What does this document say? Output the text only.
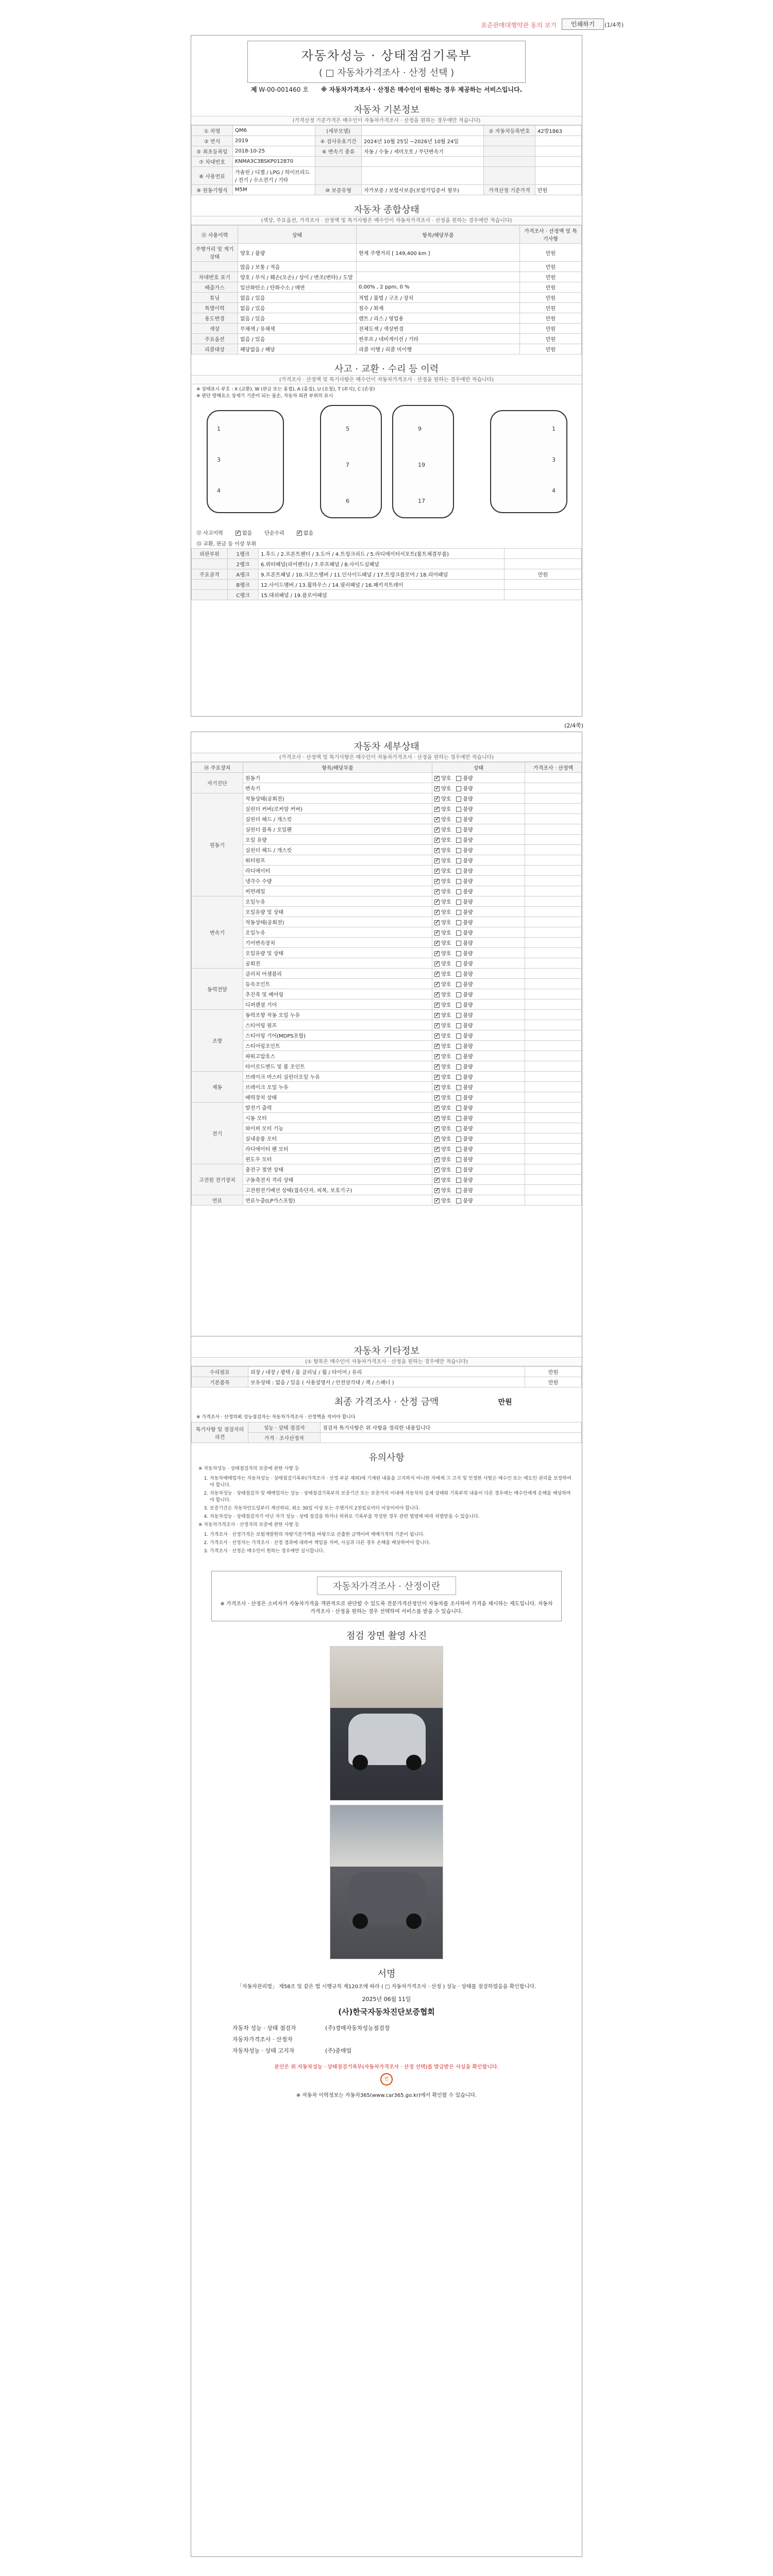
표준판매대행약관 동의 보기	인쇄하기	(1/4쪽)
자동차성능 · 상태점검기록부
( □ 자동차가격조사 · 산정 선택 )
제 W-00-001460 호 ※ 자동차가격조사 · 산정은 매수인이 원하는 경우 제공하는 서비스입니다.
자동차 기본정보
(가격산정 기준가격은 매수인이 자동차가격조사 · 산정을 원하는 경우에만 적습니다)
① 차명	QM6	(세부모델)		② 자동차등록번호	42방1863
③ 연식	2019	④ 검사유효기간	2024년 10월 25일 ~2026년 10월 24일		
⑤ 최초등록일	2018-10-25	⑥ 변속기 종류	자동 / 수동 / 세미오토 / 무단변속기		
⑦ 차대번호	KNMA3C3BSKP012870				
⑧ 사용연료	가솔린 / 디젤 / LPG / 하이브리드 / 전기 / 수소전기 / 기타				
⑨ 원동기형식	M5M	⑩ 보증유형	자가보증 / 보험사보증(보험가입증서 첨부)	가격산정 기준가격	만원
자동차 종합상태
(색상, 주요옵션, 가격조사 · 산정액 및 특기사항은 매수인이 자동차가격조사 · 산정을 원하는 경우에만 적습니다)
⑪ 사용이력	상태	항목/해당부품	가격조사 · 산정액 및 특기사항
주행거리 및 계기상태	양호 / 불량	현재 주행거리 [ 149,400 km ]	만원
	많음 / 보통 / 적음		만원
차대번호 표기	양호 / 부식 / 훼손(오손) / 상이 / 변조(변타) / 도말		만원
배출가스	일산화탄소 / 탄화수소 / 매연	0.00% , 2 ppm, 0 %	만원
튜닝	없음 / 있음	적법 / 불법 / 구조 / 장치	만원
특별이력	없음 / 있음	침수 / 화재	만원
용도변경	없음 / 있음	렌트 / 리스 / 영업용	만원
색상	무채색 / 유채색	전체도색 / 색상변경	만원
주요옵션	없음 / 있음	썬루프 / 네비게이션 / 기타	만원
리콜대상	해당없음 / 해당	리콜 이행 / 리콜 미이행	만원
사고 · 교환 · 수리 등 이력
(가격조사 · 산정액 및 특기사항은 매수인이 자동차가격조사 · 산정을 원하는 경우에만 적습니다)
※ 상태표시 부호 : X (교환), W (판금 또는 용접), A (흠집), U (요철), T (부식), C (손상)
※ 판단 방해요소 상세기 기준이 되는 물손, 자동차 외관 부위의 표시
1
3
4
5
7
6
9
19
17
1
3
4
⑫ 사고이력 ✓	없음 단순수리 ✓	없음
⑬ 교환, 판금 등 이상 부위
외판부위	1랭크	1.후드 / 2.프론트펜더 / 3.도어 / 4.트렁크리드 / 5.라디에이터서포트(볼트체결부품)	
	2랭크	6.쿼터패널(리어펜더) / 7.루프패널 / 8.사이드실패널	
주요골격	A랭크	9.프론트패널 / 10.크로스멤버 / 11.인사이드패널 / 17.트렁크플로어 / 18.리어패널	만원
	B랭크	12.사이드멤버 / 13.휠하우스 / 14.필러패널 / 16.패키지트레이	
	C랭크	15.대쉬패널 / 19.플로어패널	
(2/4쪽)
자동차 세부상태
(가격조사 · 산정액 및 특기사항은 매수인이 자동차가격조사 · 산정을 원하는 경우에만 적습니다)
⑭ 주요장치	항목/해당부품	상태	가격조사 · 산정액
자기진단	원동기	✓양호 불량	
	변속기	✓양호 불량	
원동기	작동상태(공회전)	✓양호 불량	
	실린더 커버(로커암 커버)	✓양호 불량	
	실린더 헤드 / 개스킷	✓양호 불량	
	실린더 블록 / 오일팬	✓양호 불량	
	오일 유량	✓양호 불량	
	실린더 헤드 / 개스킷	✓양호 불량	
	워터펌프	✓양호 불량	
	라디에이터	✓양호 불량	
	냉각수 수량	✓양호 불량	
	커먼레일	✓양호 불량	
변속기	오일누유	✓양호 불량	
	오일유량 및 상태	✓양호 불량	
	작동상태(공회전)	✓양호 불량	
	오일누유	✓양호 불량	
	기어변속장치	✓양호 불량	
	오일유량 및 상태	✓양호 불량	
	공회전	✓양호 불량	
동력전달	클러치 어셈블리	✓양호 불량	
	등속조인트	✓양호 불량	
	추진축 및 베어링	✓양호 불량	
	디퍼렌셜 기어	✓양호 불량	
조향	동력조향 작동 오일 누유	✓양호 불량	
	스티어링 펌프	✓양호 불량	
	스티어링 기어(MDPS포함)	✓양호 불량	
	스티어링조인트	✓양호 불량	
	파워고압호스	✓양호 불량	
	타이로드엔드 및 볼 조인트	✓양호 불량	
제동	브레이크 마스터 실린더오일 누유	✓양호 불량	
	브레이크 오일 누유	✓양호 불량	
	배력장치 상태	✓양호 불량	
전기	발전기 출력	✓양호 불량	
	시동 모터	✓양호 불량	
	와이퍼 모터 기능	✓양호 불량	
	실내송풍 모터	✓양호 불량	
	라디에이터 팬 모터	✓양호 불량	
	윈도우 모터	✓양호 불량	
고전원 전기장치	충전구 절연 상태	✓양호 불량	
	구동축전지 격리 상태	✓양호 불량	
	고전원전기배선 상태(접속단자, 피복, 보호기구)	✓양호 불량	
연료	연료누출(LP가스포함)	✓양호 불량	
자동차 기타정보
(① 항목은 매수인이 자동차가격조사 · 산정을 원하는 경우에만 적습니다)
수리필요	외장 / 내장 / 광택 / 룸 클리닝 / 휠 / 타이어 / 유리	만원
기본품목	보유상태 : 없음 / 있음 ( 사용설명서 / 안전삼각대 / 잭 / 스패너 )	만원
최종 가격조사 · 산정 금액	만원
※ 가격조사 · 산정의뢰 성능점검자는 자동차가격조사 · 산정액을 적어야 합니다
특기사항 및 점검자의 의견	성능 · 상태 점검자	점검자 특기사항은 위 사항을 정리한 내용입니다
	가격 · 조사산정자	
유의사항

※ 자동차성능 · 상태점검자의 보증에 관한 사항 등

1. 자동차매매업자는 자동차성능 · 상태점검기록부(가격조사 · 산정 부분 제외)에 기재된 내용을 고지하지 아니한 자에게 그 고지 및 인정한 사항은 매수인 또는 매도인 권리를 보장하여야 합니다.
2. 자동차성능 · 상태점검자 및 매매업자는 성능 · 상태점검기록부의 보증기간 또는 보증거리 이내에 자동차의 실제 상태와 기록부의 내용이 다른 경우에는 매수인에게 손해를 배상하여야 합니다.
3. 보증기간은 자동차인도일부터 계산하되, 최소 30일 이상 또는 주행거리 2천킬로미터 이상이어야 합니다.
4. 자동차성능 · 상태점검자가 아닌 자가 성능 · 상태 점검을 하거나 허위로 기록부를 작성한 경우 관련 법령에 따라 처벌받을 수 있습니다.

※ 자동차가격조사 · 산정자의 보증에 관한 사항 등

1. 가격조사 · 산정가격은 보험개발원의 차량기준가액을 바탕으로 산출한 금액이며 매매가격의 기준이 됩니다.
2. 가격조사 · 산정자는 가격조사 · 산정 결과에 대하여 책임을 지며, 사실과 다른 경우 손해를 배상하여야 합니다.
3. 가격조사 · 산정은 매수인이 원하는 경우에만 실시합니다.
자동차가격조사 · 산정이란
※ 가격조사 · 산정은 소비자가 자동차가격을 객관적으로 판단할 수 있도록 전문가격산정인이 자동차를 조사하여 가격을 제시하는 제도입니다. 자동차가격조사 · 산정을 원하는 경우 선택하여 서비스를 받을 수 있습니다.
점검 장면 촬영 사진
서명
「자동차관리법」 제58조 및 같은 법 시행규칙 제120조에 따라 ( □ 자동차가격조사 · 산정 ) 성능 · 상태를 점검하였음을 확인합니다.
2025년 06월 11일
(사)한국자동차진단보증협회
자동차 성능 · 상태 점검자	(주)경매자동차성능점검장
자동차가격조사 · 산정자
자동차성능 · 상태 고지자	(주)중매업
본인은 위 자동차성능 · 상태점검기록부(자동차가격조사 · 산정 선택)를 발급받은 사실을 확인합니다.
인
※ 자동차 이력정보는 자동차365(www.car365.go.kr)에서 확인할 수 있습니다.
